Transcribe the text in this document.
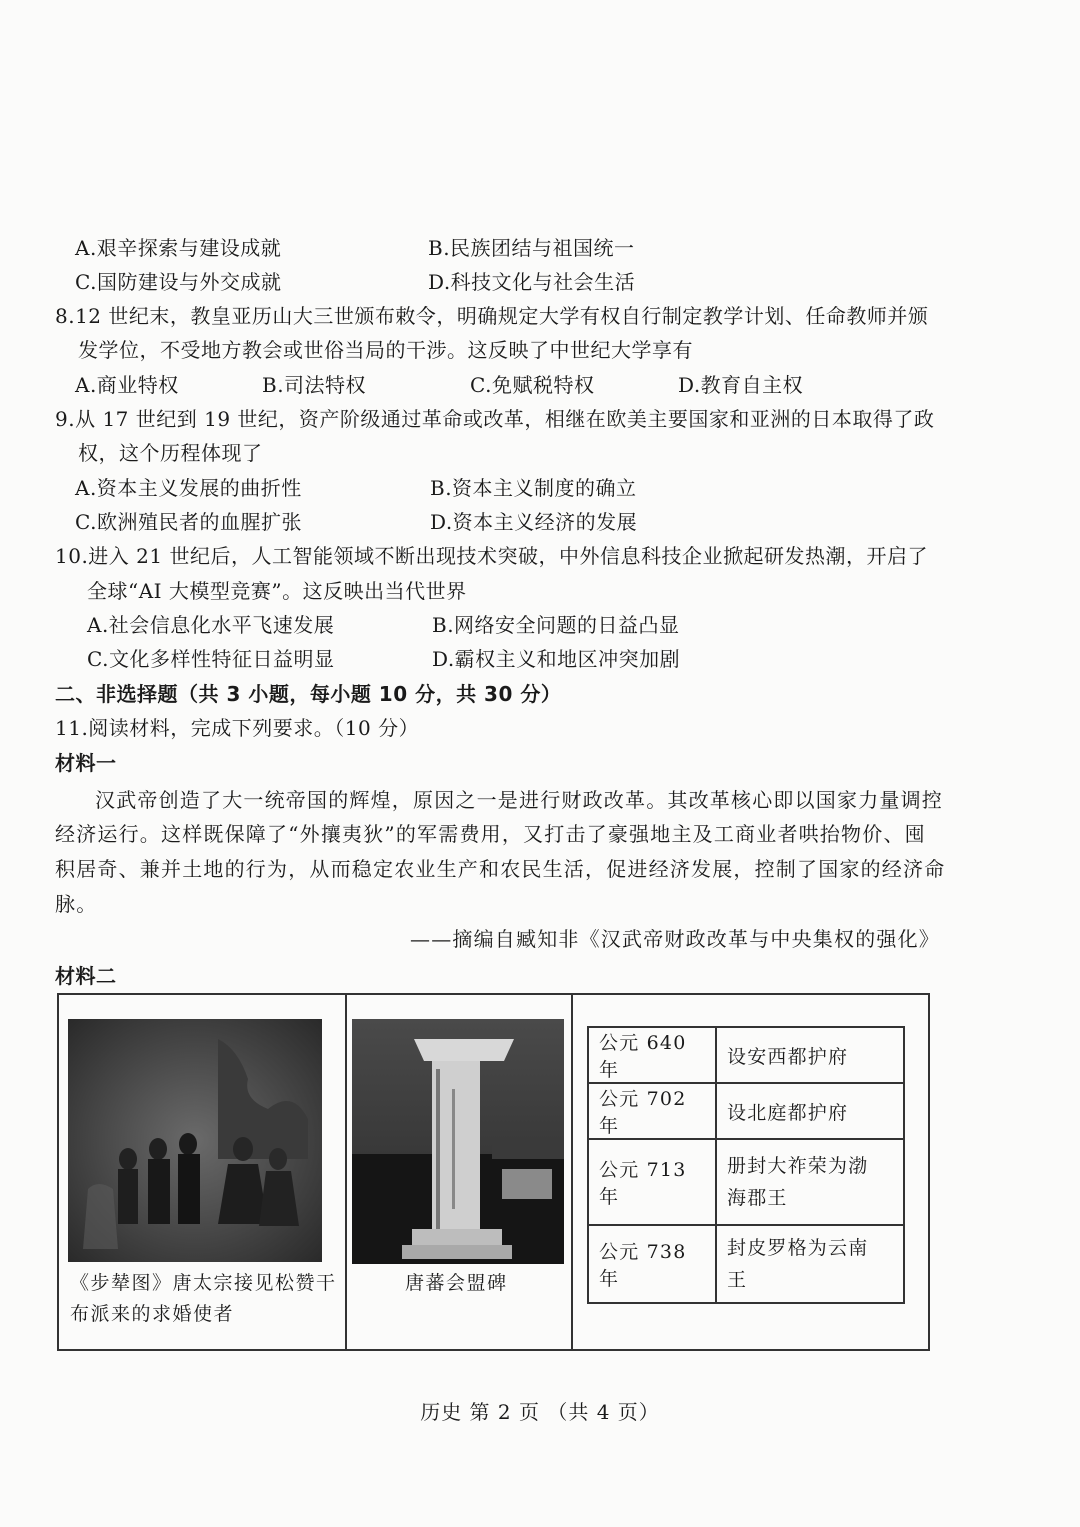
A.艰辛探索与建设成就	B.民族团结与祖国统一
C.国防建设与外交成就	D.科技文化与社会生活
8.12 世纪末，教皇亚历山大三世颁布敕令，明确规定大学有权自行制定教学计划、任命教师并颁
发学位，不受地方教会或世俗当局的干涉。这反映了中世纪大学享有
A.商业特权	B.司法特权	C.免赋税特权	D.教育自主权
9.从 17 世纪到 19 世纪，资产阶级通过革命或改革，相继在欧美主要国家和亚洲的日本取得了政
权，这个历程体现了
A.资本主义发展的曲折性	B.资本主义制度的确立
C.欧洲殖民者的血腥扩张	D.资本主义经济的发展
10.进入 21 世纪后，人工智能领域不断出现技术突破，中外信息科技企业掀起研发热潮，开启了
全球“AI 大模型竞赛”。这反映出当代世界
A.社会信息化水平飞速发展	B.网络安全问题的日益凸显
C.文化多样性特征日益明显	D.霸权主义和地区冲突加剧
二、非选择题（共 3 小题，每小题 10 分，共 30 分）
11.阅读材料，完成下列要求。（10 分）
材料一
汉武帝创造了大一统帝国的辉煌，原因之一是进行财政改革。其改革核心即以国家力量调控
经济运行。这样既保障了“外攘夷狄”的军需费用，又打击了豪强地主及工商业者哄抬物价、囤
积居奇、兼并土地的行为，从而稳定农业生产和农民生活，促进经济发展，控制了国家的经济命
脉。
——摘编自臧知非《汉武帝财政改革与中央集权的强化》
材料二
《步辇图》唐太宗接见松赞干
布派来的求婚使者
唐蕃会盟碑
公元 640 年	设安西都护府
公元 702 年	设北庭都护府
公元 713 年	册封大祚荣为渤
海郡王
公元 738 年	封皮罗格为云南
王
历史 第 2 页 （共 4 页）
